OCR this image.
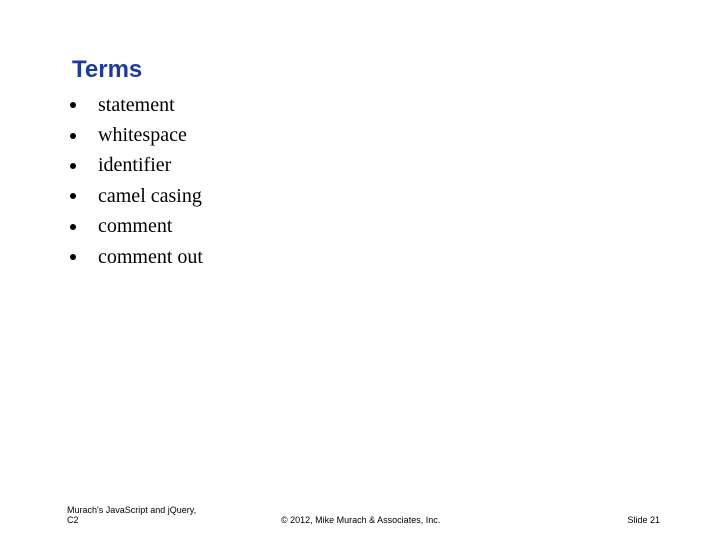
Terms
statement
whitespace
identifier
camel casing
comment
comment out
Murach's JavaScript and jQuery,
C2	© 2012, Mike Murach & Associates, Inc.	Slide 21
